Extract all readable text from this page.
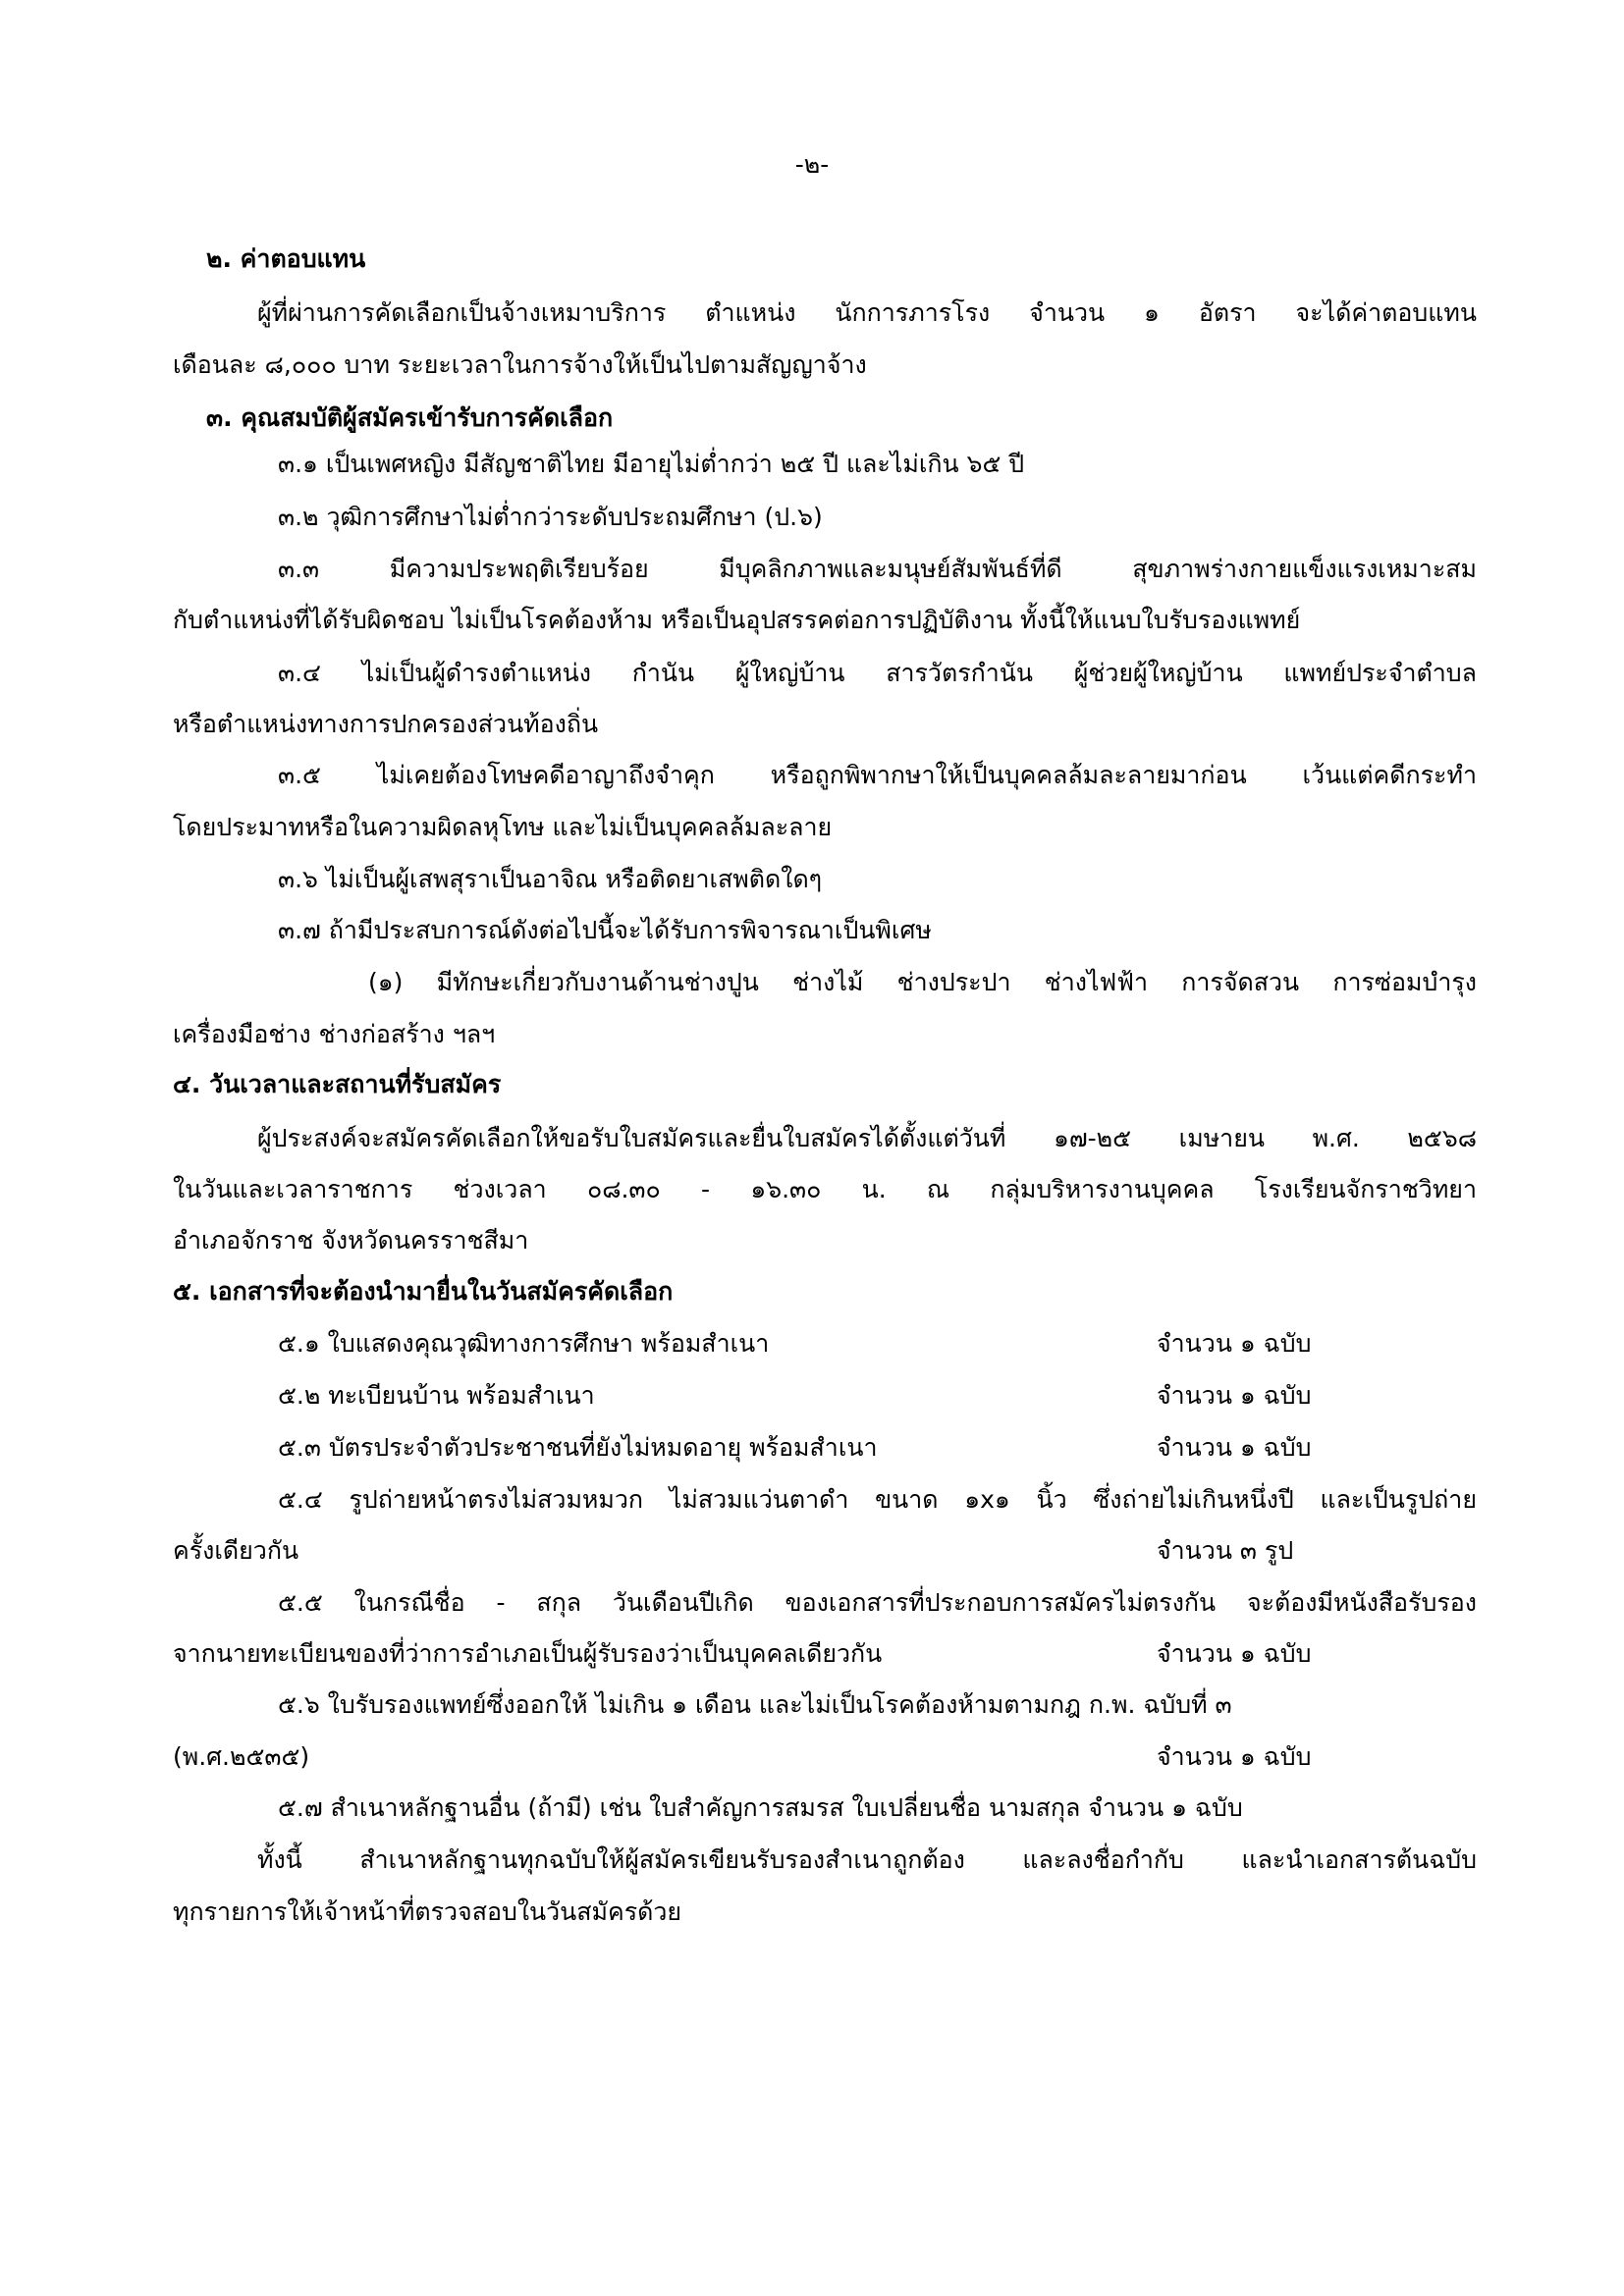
-๒-
๒. ค่าตอบแทน
ผู้ที่ผ่านการคัดเลือกเป็นจ้างเหมาบริการ ตำแหน่ง นักการภารโรง จำนวน ๑ อัตรา จะได้ค่าตอบแทน
เดือนละ ๘,๐๐๐ บาท ระยะเวลาในการจ้างให้เป็นไปตามสัญญาจ้าง
๓. คุณสมบัติผู้สมัครเข้ารับการคัดเลือก
๓.๑ เป็นเพศหญิง มีสัญชาติไทย มีอายุไม่ต่ำกว่า ๒๕ ปี และไม่เกิน ๖๕ ปี
๓.๒ วุฒิการศึกษาไม่ต่ำกว่าระดับประถมศึกษา (ป.๖)
๓.๓ มีความประพฤติเรียบร้อย มีบุคลิกภาพและมนุษย์สัมพันธ์ที่ดี สุขภาพร่างกายแข็งแรงเหมาะสม
กับตำแหน่งที่ได้รับผิดชอบ ไม่เป็นโรคต้องห้าม หรือเป็นอุปสรรคต่อการปฏิบัติงาน ทั้งนี้ให้แนบใบรับรองแพทย์
๓.๔ ไม่เป็นผู้ดำรงตำแหน่ง กำนัน ผู้ใหญ่บ้าน สารวัตรกำนัน ผู้ช่วยผู้ใหญ่บ้าน แพทย์ประจำตำบล
หรือตำแหน่งทางการปกครองส่วนท้องถิ่น
๓.๕ ไม่เคยต้องโทษคดีอาญาถึงจำคุก หรือถูกพิพากษาให้เป็นบุคคลล้มละลายมาก่อน เว้นแต่คดีกระทำ
โดยประมาทหรือในความผิดลหุโทษ และไม่เป็นบุคคลล้มละลาย
๓.๖ ไม่เป็นผู้เสพสุราเป็นอาจิณ หรือติดยาเสพติดใดๆ
๓.๗ ถ้ามีประสบการณ์ดังต่อไปนี้จะได้รับการพิจารณาเป็นพิเศษ
(๑) มีทักษะเกี่ยวกับงานด้านช่างปูน ช่างไม้ ช่างประปา ช่างไฟฟ้า การจัดสวน การซ่อมบำรุง
เครื่องมือช่าง ช่างก่อสร้าง ฯลฯ
๔. วันเวลาและสถานที่รับสมัคร
ผู้ประสงค์จะสมัครคัดเลือกให้ขอรับใบสมัครและยื่นใบสมัครได้ตั้งแต่วันที่ ๑๗-๒๕ เมษายน พ.ศ. ๒๕๖๘
ในวันและเวลาราชการ ช่วงเวลา ๐๘.๓๐ - ๑๖.๓๐ น. ณ กลุ่มบริหารงานบุคคล โรงเรียนจักราชวิทยา
อำเภอจักราช จังหวัดนครราชสีมา
๕. เอกสารที่จะต้องนำมายื่นในวันสมัครคัดเลือก
๕.๑ ใบแสดงคุณวุฒิทางการศึกษา พร้อมสำเนา	จำนวน ๑ ฉบับ
๕.๒ ทะเบียนบ้าน พร้อมสำเนา	จำนวน ๑ ฉบับ
๕.๓ บัตรประจำตัวประชาชนที่ยังไม่หมดอายุ พร้อมสำเนา	จำนวน ๑ ฉบับ
๕.๔ รูปถ่ายหน้าตรงไม่สวมหมวก ไม่สวมแว่นตาดำ ขนาด ๑x๑ นิ้ว ซึ่งถ่ายไม่เกินหนึ่งปี และเป็นรูปถ่าย
ครั้งเดียวกัน	จำนวน ๓ รูป
๕.๕ ในกรณีชื่อ - สกุล วันเดือนปีเกิด ของเอกสารที่ประกอบการสมัครไม่ตรงกัน จะต้องมีหนังสือรับรอง
จากนายทะเบียนของที่ว่าการอำเภอเป็นผู้รับรองว่าเป็นบุคคลเดียวกัน	จำนวน ๑ ฉบับ
๕.๖ ใบรับรองแพทย์ซึ่งออกให้ ไม่เกิน ๑ เดือน และไม่เป็นโรคต้องห้ามตามกฎ ก.พ. ฉบับที่ ๓
(พ.ศ.๒๕๓๕)	จำนวน ๑ ฉบับ
๕.๗ สำเนาหลักฐานอื่น (ถ้ามี) เช่น ใบสำคัญการสมรส ใบเปลี่ยนชื่อ นามสกุล จำนวน ๑ ฉบับ
ทั้งนี้ สำเนาหลักฐานทุกฉบับให้ผู้สมัครเขียนรับรองสำเนาถูกต้อง และลงชื่อกำกับ และนำเอกสารต้นฉบับ
ทุกรายการให้เจ้าหน้าที่ตรวจสอบในวันสมัครด้วย
